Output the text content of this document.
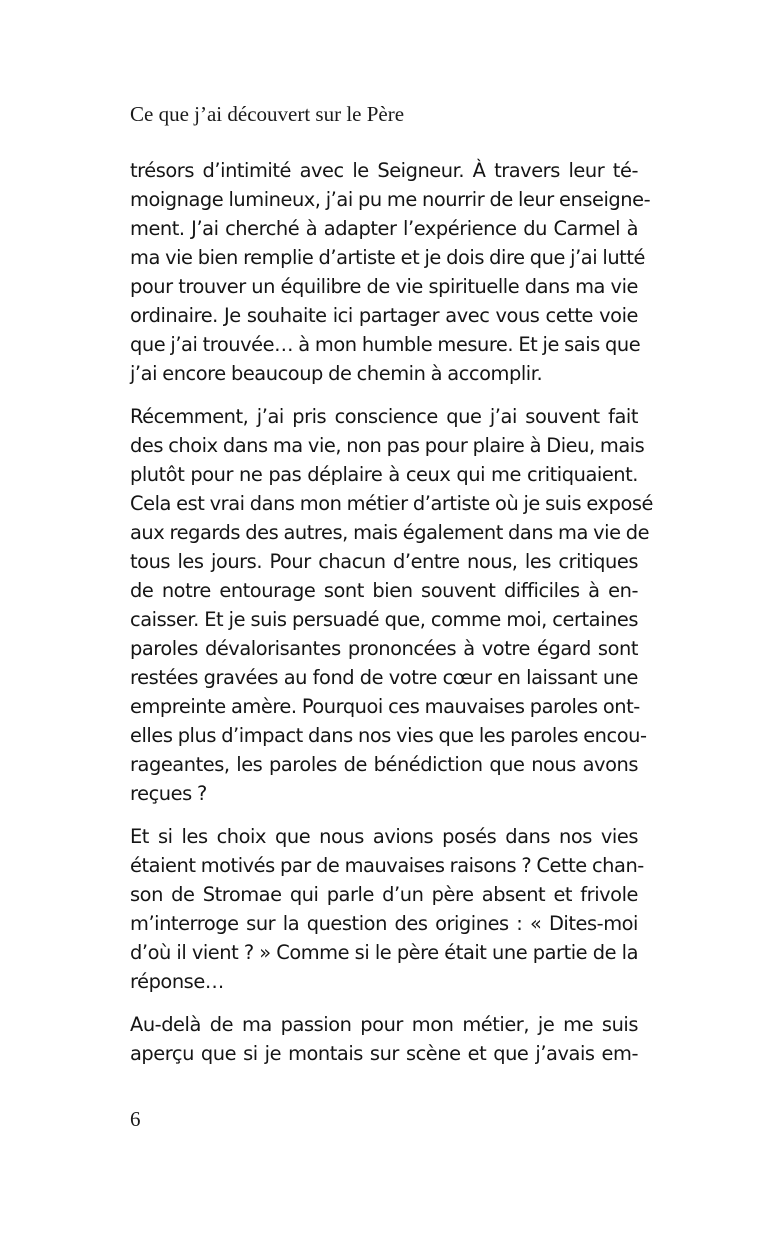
Ce que j’ai découvert sur le Père

trésors d’intimité avec le Seigneur. À travers leur té-
moignage lumineux, j’ai pu me nourrir de leur enseigne-
ment. J’ai cherché à adapter l’expérience du Carmel à
ma vie bien remplie d’artiste et je dois dire que j’ai lutté
pour trouver un équilibre de vie spirituelle dans ma vie
ordinaire. Je souhaite ici partager avec vous cette voie
que j’ai trouvée… à mon humble mesure. Et je sais que
j’ai encore beaucoup de chemin à accomplir.

Récemment, j’ai pris conscience que j’ai souvent fait
des choix dans ma vie, non pas pour plaire à Dieu, mais
plutôt pour ne pas déplaire à ceux qui me critiquaient.
Cela est vrai dans mon métier d’artiste où je suis exposé
aux regards des autres, mais également dans ma vie de
tous les jours. Pour chacun d’entre nous, les critiques
de notre entourage sont bien souvent difficiles à en-
caisser. Et je suis persuadé que, comme moi, certaines
paroles dévalorisantes prononcées à votre égard sont
restées gravées au fond de votre cœur en laissant une
empreinte amère. Pourquoi ces mauvaises paroles ont-
elles plus d’impact dans nos vies que les paroles encou-
rageantes, les paroles de bénédiction que nous avons
reçues ?

Et si les choix que nous avions posés dans nos vies
étaient motivés par de mauvaises raisons ? Cette chan-
son de Stromae qui parle d’un père absent et frivole
m’interroge sur la question des origines : « Dites-moi
d’où il vient ? » Comme si le père était une partie de la
réponse…

Au-delà de ma passion pour mon métier, je me suis
aperçu que si je montais sur scène et que j’avais em-

6
